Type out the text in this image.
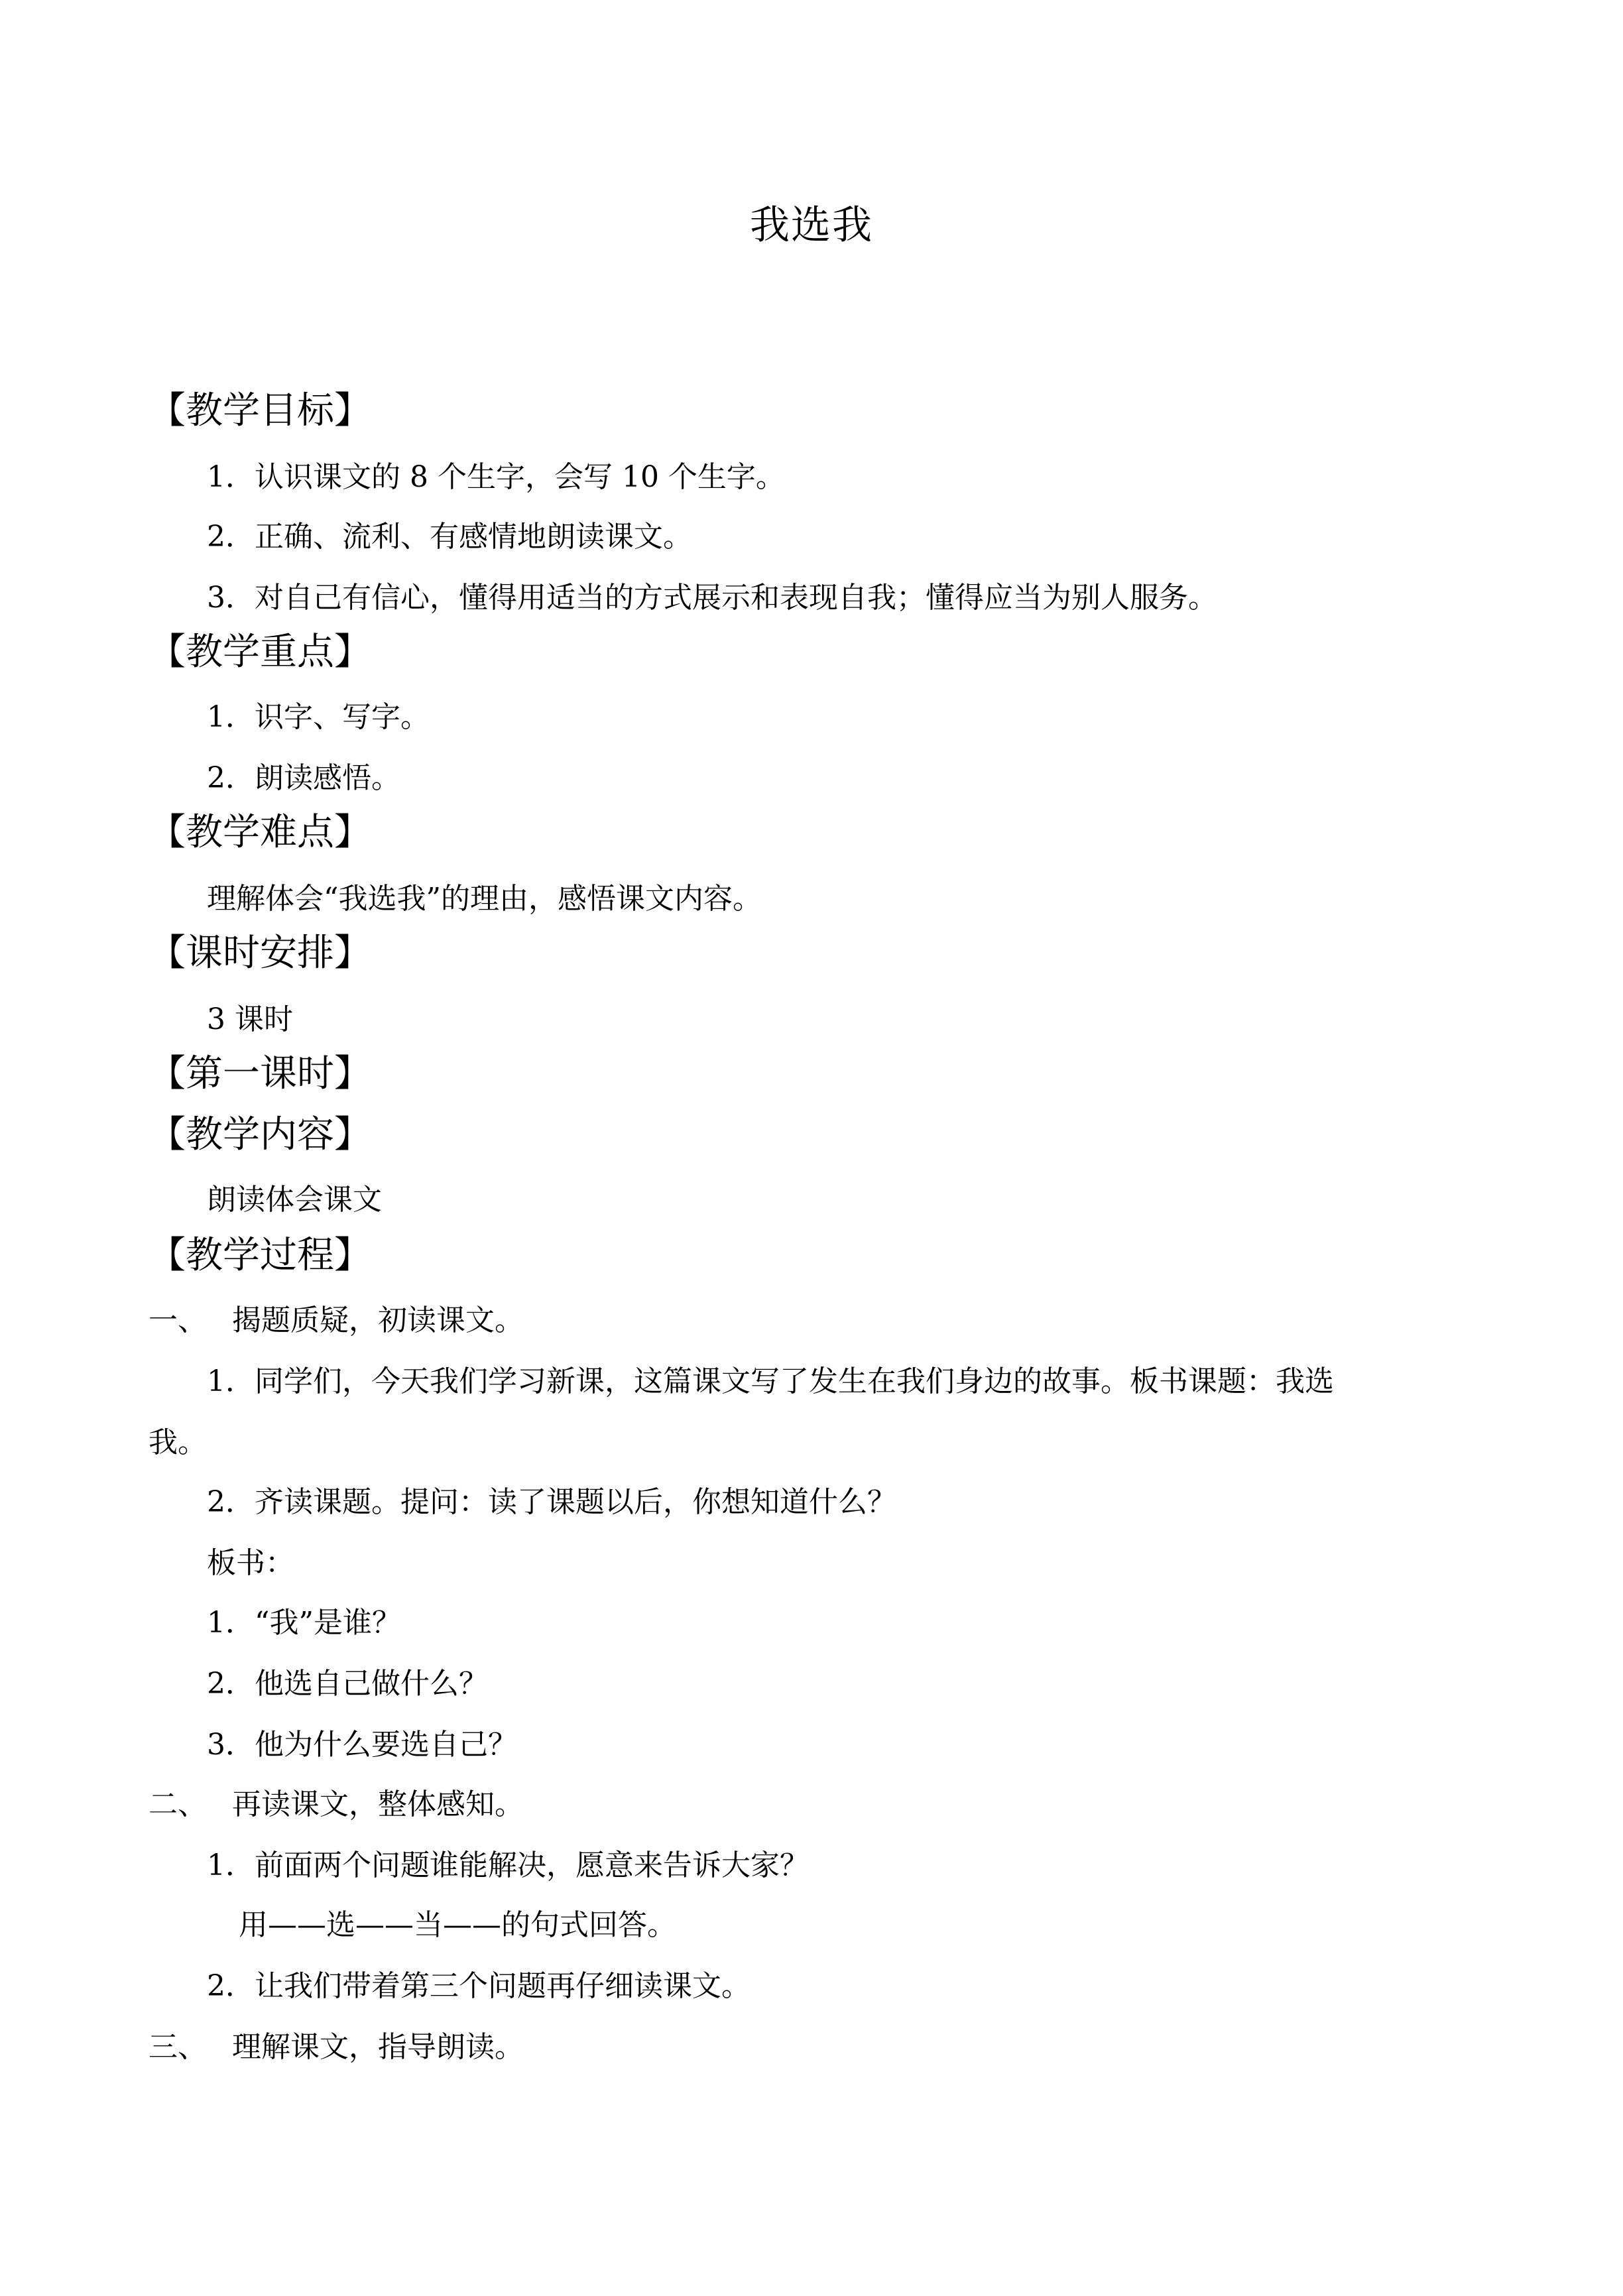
我选我
【教学目标】
1．认识课文的 8 个生字，会写 10 个生字。
2．正确、流利、有感情地朗读课文。
3．对自己有信心，懂得用适当的方式展示和表现自我；懂得应当为别人服务。
【教学重点】
1．识字、写字。
2．朗读感悟。
【教学难点】
理解体会“我选我”的理由，感悟课文内容。
【课时安排】
3 课时
【第一课时】
【教学内容】
朗读体会课文
【教学过程】
一、 揭题质疑，初读课文。
1．同学们，今天我们学习新课，这篇课文写了发生在我们身边的故事。板书课题：我选
我。
2．齐读课题。提问：读了课题以后，你想知道什么？
板书：
1．“我”是谁？
2．他选自己做什么？
3．他为什么要选自己？
二、 再读课文，整体感知。
1．前面两个问题谁能解决，愿意来告诉大家？
用——选——当——的句式回答。
2．让我们带着第三个问题再仔细读课文。
三、 理解课文，指导朗读。
